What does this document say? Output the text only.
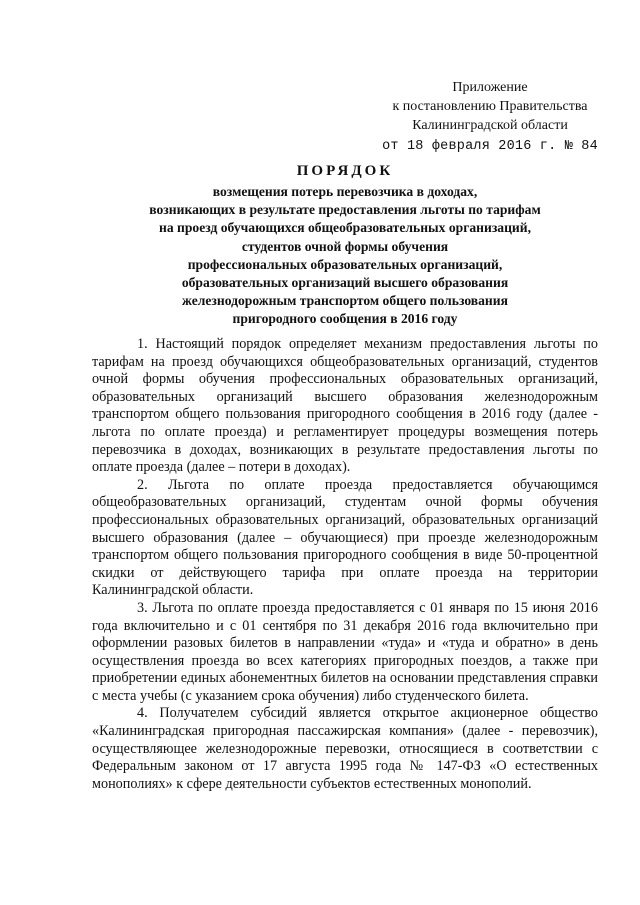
Приложение
к постановлению Правительства
Калининградской области
от 18 февраля 2016 г. № 84
ПОРЯДОК
возмещения потерь перевозчика в доходах,
возникающих в результате предоставления льготы по тарифам
на проезд обучающихся общеобразовательных организаций,
студентов очной формы обучения
профессиональных образовательных организаций,
образовательных организаций высшего образования
железнодорожным транспортом общего пользования
пригородного сообщения в 2016 году

1. Настоящий порядок определяет механизм предоставления льготы по тарифам на проезд обучающихся общеобразовательных организаций, студентов очной формы обучения профессиональных образовательных организаций, образовательных организаций высшего образования железнодорожным транспортом общего пользования пригородного сообщения в 2016 году (далее - льгота по оплате проезда) и регламентирует процедуры возмещения потерь перевозчика в доходах, возникающих в результате предоставления льготы по оплате проезда (далее – потери в доходах).

2. Льгота по оплате проезда предоставляется обучающимся общеобразовательных организаций, студентам очной формы обучения профессиональных образовательных организаций, образовательных организаций высшего образования (далее – обучающиеся) при проезде железнодорожным транспортом общего пользования пригородного сообщения в виде 50-процентной скидки от действующего тарифа при оплате проезда на территории Калининградской области.

3. Льгота по оплате проезда предоставляется с 01 января по 15 июня 2016 года включительно и с 01 сентября по 31 декабря 2016 года включительно при оформлении разовых билетов в направлении «туда» и «туда и обратно» в день осуществления проезда во всех категориях пригородных поездов, а также при приобретении единых абонементных билетов на основании представления справки с места учебы (с указанием срока обучения) либо студенческого билета.

4. Получателем субсидий является открытое акционерное общество «Калининградская пригородная пассажирская компания» (далее - перевозчик), осуществляющее железнодорожные перевозки, относящиеся в соответствии с Федеральным законом от 17 августа 1995 года № 147-ФЗ «О естественных монополиях» к сфере деятельности субъектов естественных монополий.
